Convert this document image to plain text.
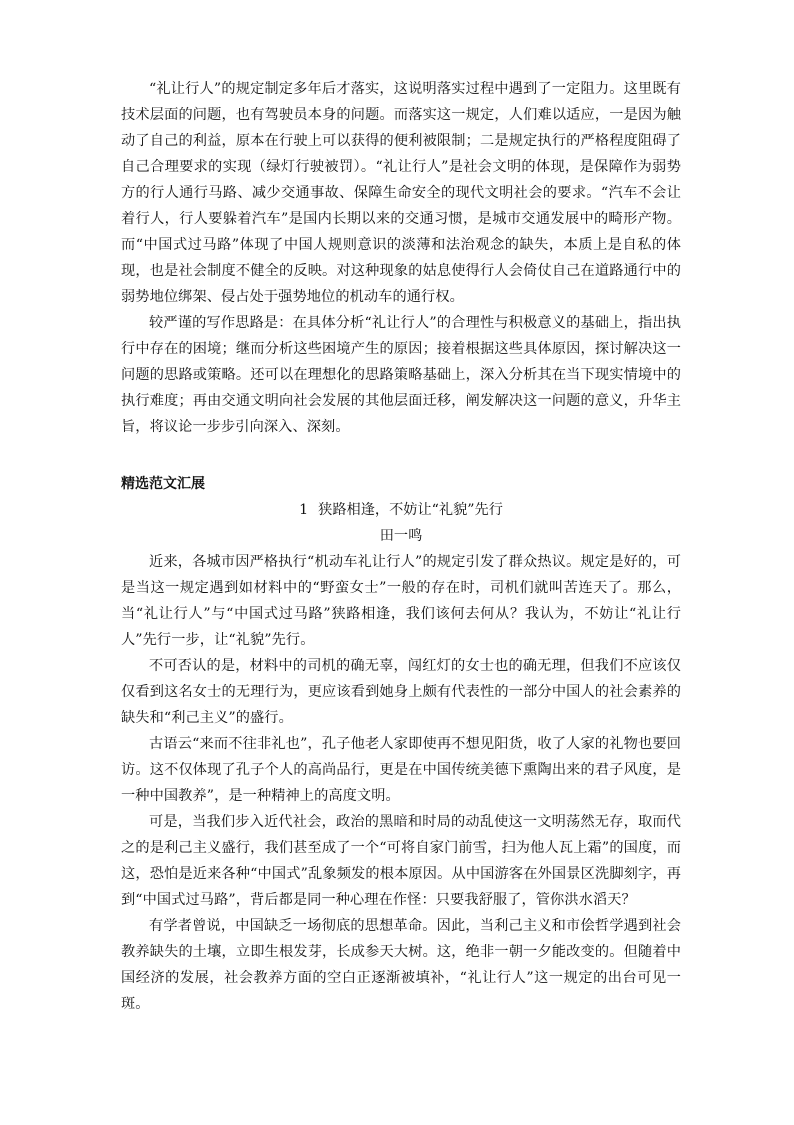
“礼让行人”的规定制定多年后才落实，这说明落实过程中遇到了一定阻力。这里既有技术层面的问题，也有驾驶员本身的问题。而落实这一规定，人们难以适应，一是因为触动了自己的利益，原本在行驶上可以获得的便利被限制；二是规定执行的严格程度阻碍了自己合理要求的实现（绿灯行驶被罚）。“礼让行人”是社会文明的体现，是保障作为弱势方的行人通行马路、减少交通事故、保障生命安全的现代文明社会的要求。“汽车不会让着行人，行人要躲着汽车”是国内长期以来的交通习惯，是城市交通发展中的畸形产物。而“中国式过马路”体现了中国人规则意识的淡薄和法治观念的缺失，本质上是自私的体现，也是社会制度不健全的反映。对这种现象的姑息使得行人会倚仗自己在道路通行中的弱势地位绑架、侵占处于强势地位的机动车的通行权。

较严谨的写作思路是：在具体分析“礼让行人”的合理性与积极意义的基础上，指出执行中存在的困境；继而分析这些困境产生的原因；接着根据这些具体原因，探讨解决这一问题的思路或策略。还可以在理想化的思路策略基础上，深入分析其在当下现实情境中的执行难度；再由交通文明向社会发展的其他层面迁移，阐发解决这一问题的意义，升华主旨，将议论一步步引向深入、深刻。

精选范文汇展

1 狭路相逢，不妨让“礼貌”先行

田一鸣

近来，各城市因严格执行“机动车礼让行人”的规定引发了群众热议。规定是好的，可是当这一规定遇到如材料中的“野蛮女士”一般的存在时，司机们就叫苦连天了。那么，当“礼让行人”与“中国式过马路”狭路相逢，我们该何去何从？我认为，不妨让“礼让行人”先行一步，让“礼貌”先行。

不可否认的是，材料中的司机的确无辜，闯红灯的女士也的确无理，但我们不应该仅仅看到这名女士的无理行为，更应该看到她身上颇有代表性的一部分中国人的社会素养的缺失和“利己主义”的盛行。

古语云“来而不往非礼也”，孔子他老人家即使再不想见阳货，收了人家的礼物也要回访。这不仅体现了孔子个人的高尚品行，更是在中国传统美德下熏陶出来的君子风度，是一种中国教养”，是一种精神上的高度文明。

可是，当我们步入近代社会，政治的黑暗和时局的动乱使这一文明荡然无存，取而代之的是利己主义盛行，我们甚至成了一个“可将自家门前雪，扫为他人瓦上霜”的国度，而这，恐怕是近来各种“中国式”乱象频发的根本原因。从中国游客在外国景区洗脚刻字，再到“中国式过马路”，背后都是同一种心理在作怪：只要我舒服了，管你洪水滔天？

有学者曾说，中国缺乏一场彻底的思想革命。因此，当利己主义和市侩哲学遇到社会教养缺失的土壤，立即生根发芽，长成参天大树。这，绝非一朝一夕能改变的。但随着中国经济的发展，社会教养方面的空白正逐渐被填补，“礼让行人”这一规定的出台可见一斑。
